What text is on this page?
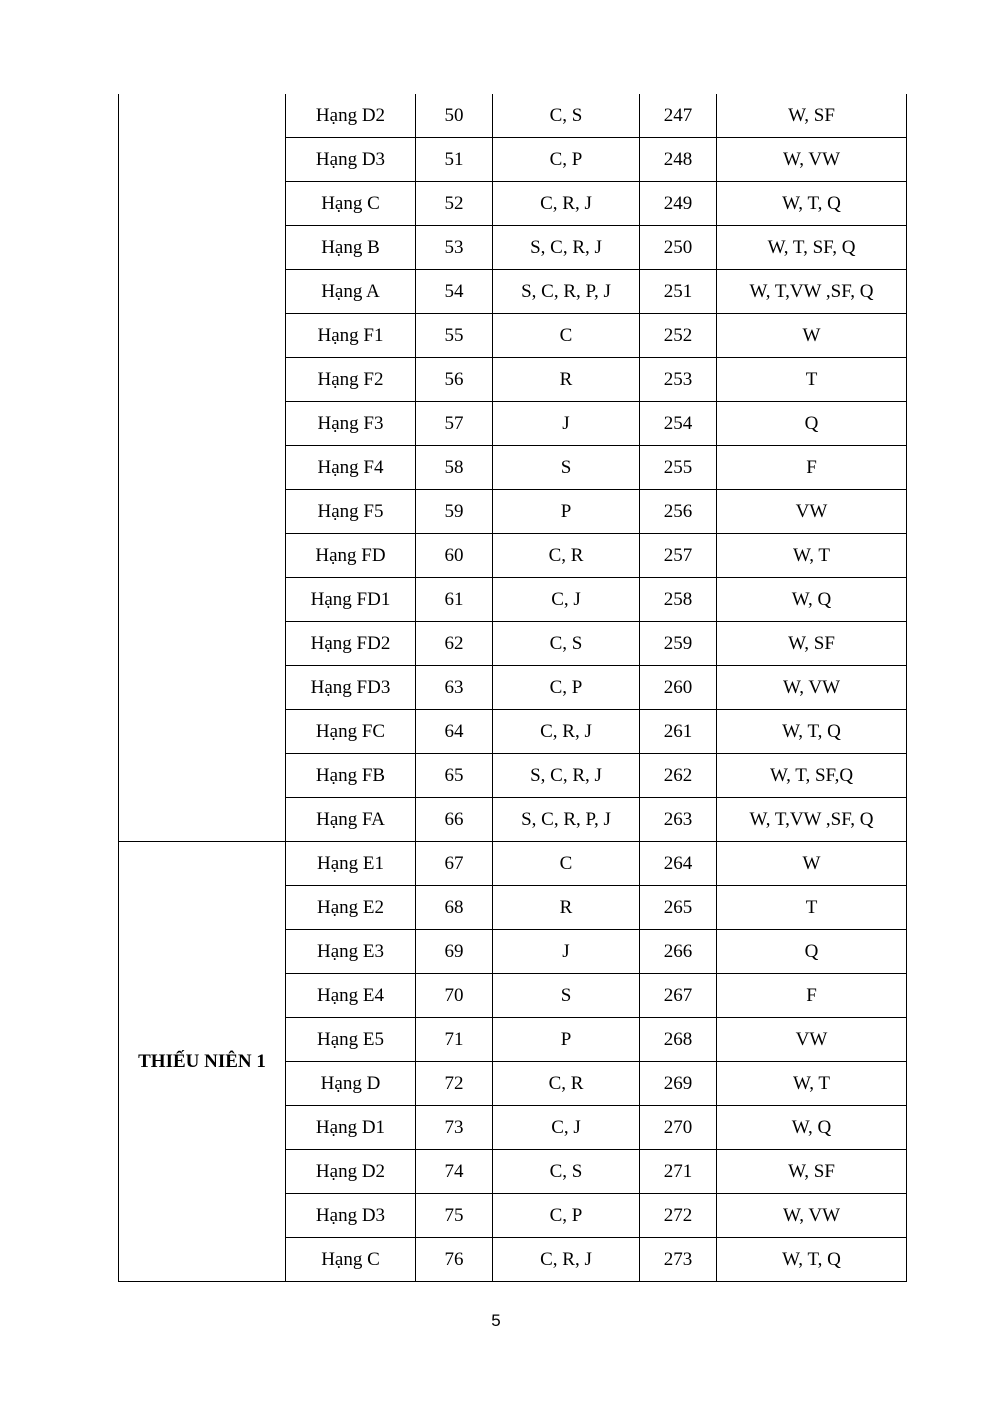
	Hạng D2	50	C, S	247	W, SF
	Hạng D3	51	C, P	248	W, VW
	Hạng C	52	C, R, J	249	W, T, Q
	Hạng B	53	S, C, R, J	250	W, T, SF, Q
	Hạng A	54	S, C, R, P, J	251	W, T,VW ,SF, Q
	Hạng F1	55	C	252	W
	Hạng F2	56	R	253	T
	Hạng F3	57	J	254	Q
	Hạng F4	58	S	255	F
	Hạng F5	59	P	256	VW
	Hạng FD	60	C, R	257	W, T
	Hạng FD1	61	C, J	258	W, Q
	Hạng FD2	62	C, S	259	W, SF
	Hạng FD3	63	C, P	260	W, VW
	Hạng FC	64	C, R, J	261	W, T, Q
	Hạng FB	65	S, C, R, J	262	W, T, SF,Q
	Hạng FA	66	S, C, R, P, J	263	W, T,VW ,SF, Q
THIẾU NIÊN 1	Hạng E1	67	C	264	W
	Hạng E2	68	R	265	T
	Hạng E3	69	J	266	Q
	Hạng E4	70	S	267	F
	Hạng E5	71	P	268	VW
	Hạng D	72	C, R	269	W, T
	Hạng D1	73	C, J	270	W, Q
	Hạng D2	74	C, S	271	W, SF
	Hạng D3	75	C, P	272	W, VW
	Hạng C	76	C, R, J	273	W, T, Q
5
